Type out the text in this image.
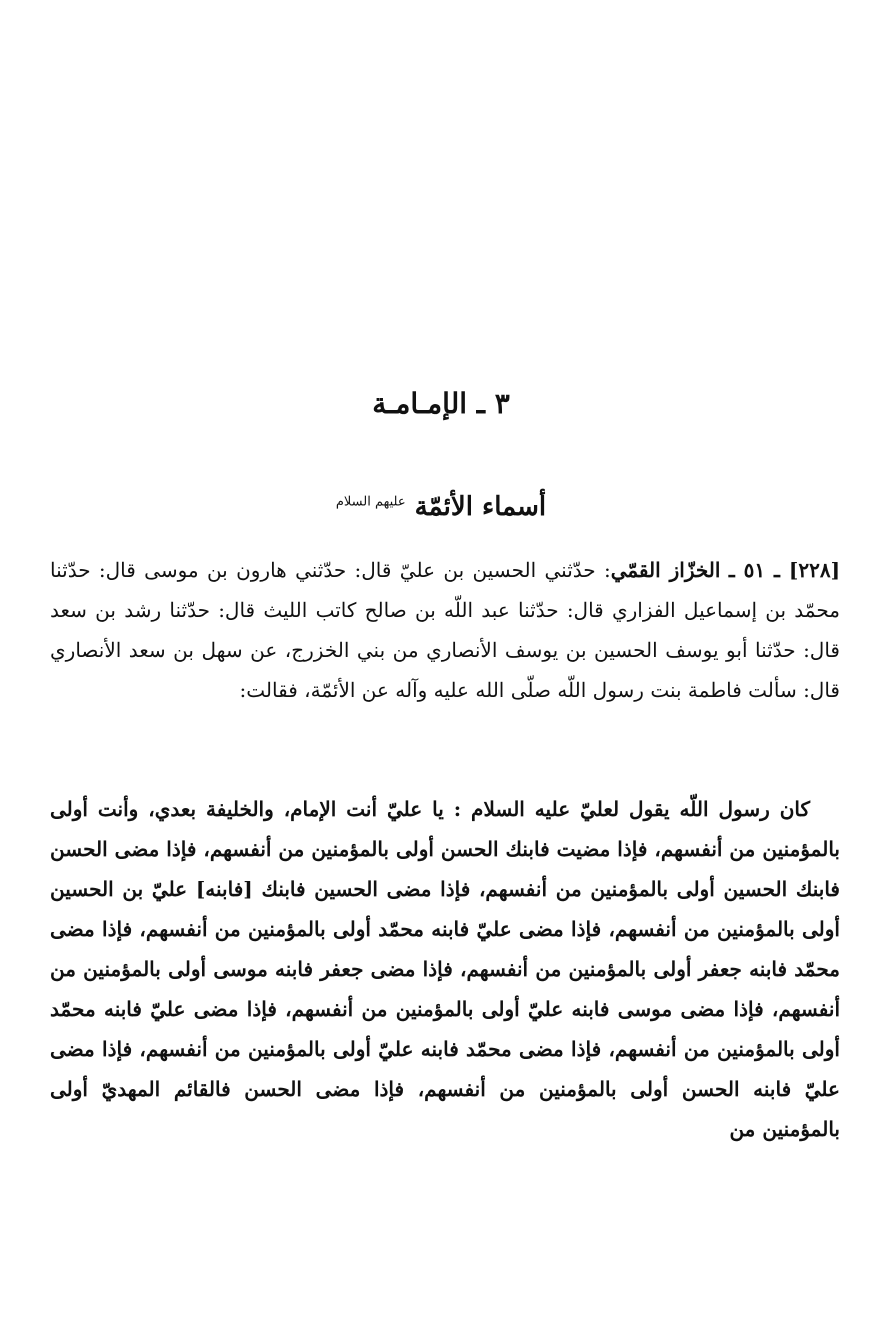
٣ ـ الإمـامـة
أسماء الأئمّة $^{عليهم السلام}$

[٢٢٨] ـ ٥١ ـ الخزّاز القمّي: حدّثني الحسين بن عليّ قال: حدّثني هارون بن موسى قال: حدّثنا محمّد بن إسماعيل الفزاري قال: حدّثنا عبد اللّه بن صالح كاتب الليث قال: حدّثنا رشد بن سعد قال: حدّثنا أبو يوسف الحسين بن يوسف الأنصاري من بني الخزرج، عن سهل بن سعد الأنصاري قال: سألت فاطمة بنت رسول اللّه صلّى الله عليه وآله عن الأئمّة، فقالت:

كان رسول اللّه يقول لعليّ عليه السلام : يا عليّ أنت الإمام، والخليفة بعدي، وأنت أولى بالمؤمنين من أنفسهم، فإذا مضيت فابنك الحسن أولى بالمؤمنين من أنفسهم، فإذا مضى الحسن فابنك الحسين أولى بالمؤمنين من أنفسهم، فإذا مضى الحسين فابنك [فابنه] عليّ بن الحسين أولى بالمؤمنين من أنفسهم، فإذا مضى عليّ فابنه محمّد أولى بالمؤمنين من أنفسهم، فإذا مضى محمّد فابنه جعفر أولى بالمؤمنين من أنفسهم، فإذا مضى جعفر فابنه موسى أولى بالمؤمنين من أنفسهم، فإذا مضى موسى فابنه عليّ أولى بالمؤمنين من أنفسهم، فإذا مضى عليّ فابنه محمّد أولى بالمؤمنين من أنفسهم، فإذا مضى محمّد فابنه عليّ أولى بالمؤمنين من أنفسهم، فإذا مضى عليّ فابنه الحسن أولى بالمؤمنين من أنفسهم، فإذا مضى الحسن فالقائم المهديّ أولى بالمؤمنين من
